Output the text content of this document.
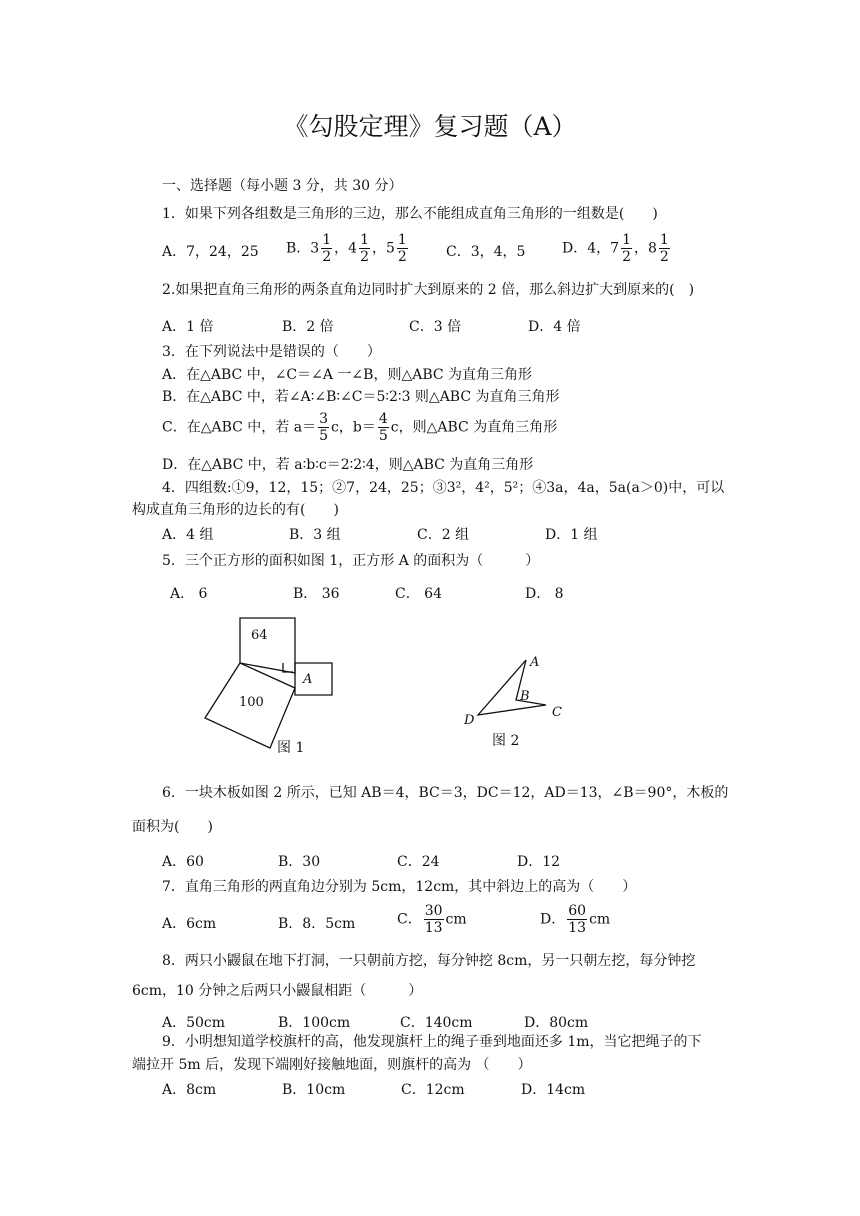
《勾股定理》复习题（A）
一、选择题（每小题 3 分，共 30 分）
1．如果下列各组数是三角形的三边，那么不能组成直角三角形的一组数是(　　)
A．7，24，25 B．$3 \frac{1}{2}$ ，$4 \frac{1}{2}$ ，$5 \frac{1}{2}$	C．3，4，5	D．4，$7 \frac{1}{2}$ ，$8 \frac{1}{2}$
2.如果把直角三角形的两条直角边同时扩大到原来的 2 倍，那么斜边扩大到原来的(　)
A．1 倍	B．2 倍	C．3 倍	D．4 倍
3．在下列说法中是错误的（　　）
A．在△ABC 中，∠C＝∠A 一∠B，则△ABC 为直角三角形
B．在△ABC 中，若∠A∶∠B∶∠C＝5∶2∶3 则△ABC 为直角三角形
C．在△ABC 中，若 $a= \frac{3}{5}$ c，$b= \frac{4}{5}$ c，则△ABC 为直角三角形
D．在△ABC 中，若 a∶b∶c＝2∶2∶4，则△ABC 为直角三角形
4．四组数:①9，12，15；②7，24，25；③3²，4²，5²；④3a，4a，5a(a＞0)中，可以
构成直角三角形的边长的有(　　)
A．4 组	B．3 组	C．2 组	D．1 组
5．三个正方形的面积如图 1，正方形 A 的面积为（　　　）
A． 6	B． 36	C． 64	D． 8
64
100
A
图 1
A
B
C
D
图 2
6．一块木板如图 2 所示，已知 AB＝4，BC＝3，DC＝12，AD＝13，∠B＝90°，木板的
面积为(　　)
A．60	B．30	C．24	D．12
7．直角三角形的两直角边分别为 5cm，12cm，其中斜边上的高为（　　）
A．6cm	B．8．5cm	C． $\frac{30}{13}$ cm	D． $\frac{60}{13}$ cm
8．两只小鼹鼠在地下打洞，一只朝前方挖，每分钟挖 8cm，另一只朝左挖，每分钟挖
6cm，10 分钟之后两只小鼹鼠相距（　　　）
A．50cm	B．100cm	C．140cm	D．80cm
9．小明想知道学校旗杆的高，他发现旗杆上的绳子垂到地面还多 1m，当它把绳子的下
端拉开 5m 后，发现下端刚好接触地面，则旗杆的高为 （　　）
A．8cm	B．10cm	C．12cm	D．14cm
